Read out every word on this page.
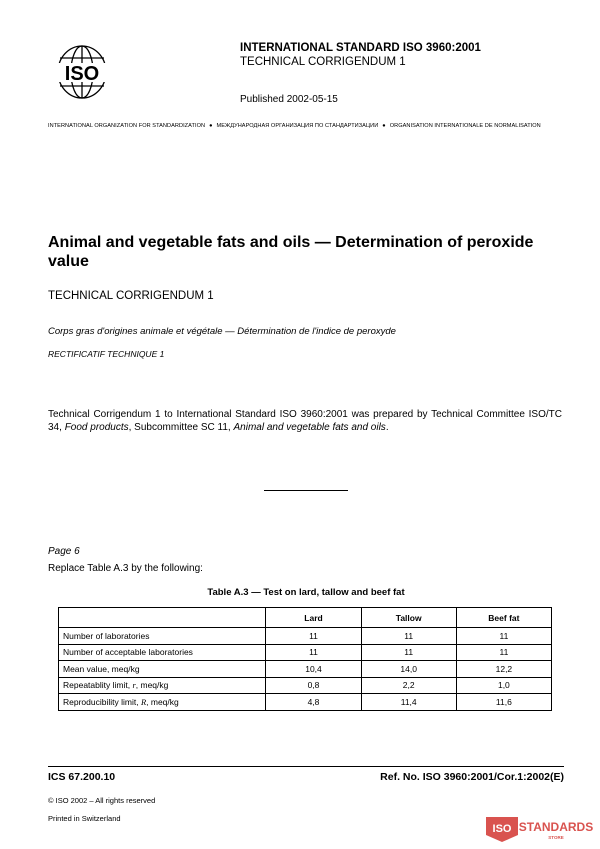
ISO
INTERNATIONAL STANDARD ISO 3960:2001
TECHNICAL CORRIGENDUM 1
Published 2002-05-15
INTERNATIONAL ORGANIZATION FOR STANDARDIZATION ● МЕЖДУНАРОДНАЯ ОРГАНИЗАЦИЯ ПО СТАНДАРТИЗАЦИИ ● ORGANISATION INTERNATIONALE DE NORMALISATION
Animal and vegetable fats and oils — Determination of peroxide value
TECHNICAL CORRIGENDUM 1
Corps gras d'origines animale et végétale — Détermination de l'indice de peroxyde
RECTIFICATIF TECHNIQUE 1
Technical Corrigendum 1 to International Standard ISO 3960:2001 was prepared by Technical Committee ISO/TC 34, Food products, Subcommittee SC 11, Animal and vegetable fats and oils.
Page 6
Replace Table A.3 by the following:
Table A.3 — Test on lard, tallow and beef fat
	Lard	Tallow	Beef fat
Number of laboratories	11	11	11
Number of acceptable laboratories	11	11	11
Mean value, meq/kg	10,4	14,0	12,2
Repeatablity limit, r, meq/kg	0,8	2,2	1,0
Reproducibility limit, R, meq/kg	4,8	11,4	11,6
ICS 67.200.10	Ref. No. ISO 3960:2001/Cor.1:2002(E)
© ISO 2002 – All rights reserved
Printed in Switzerland
ISO STANDARDS
STORE
